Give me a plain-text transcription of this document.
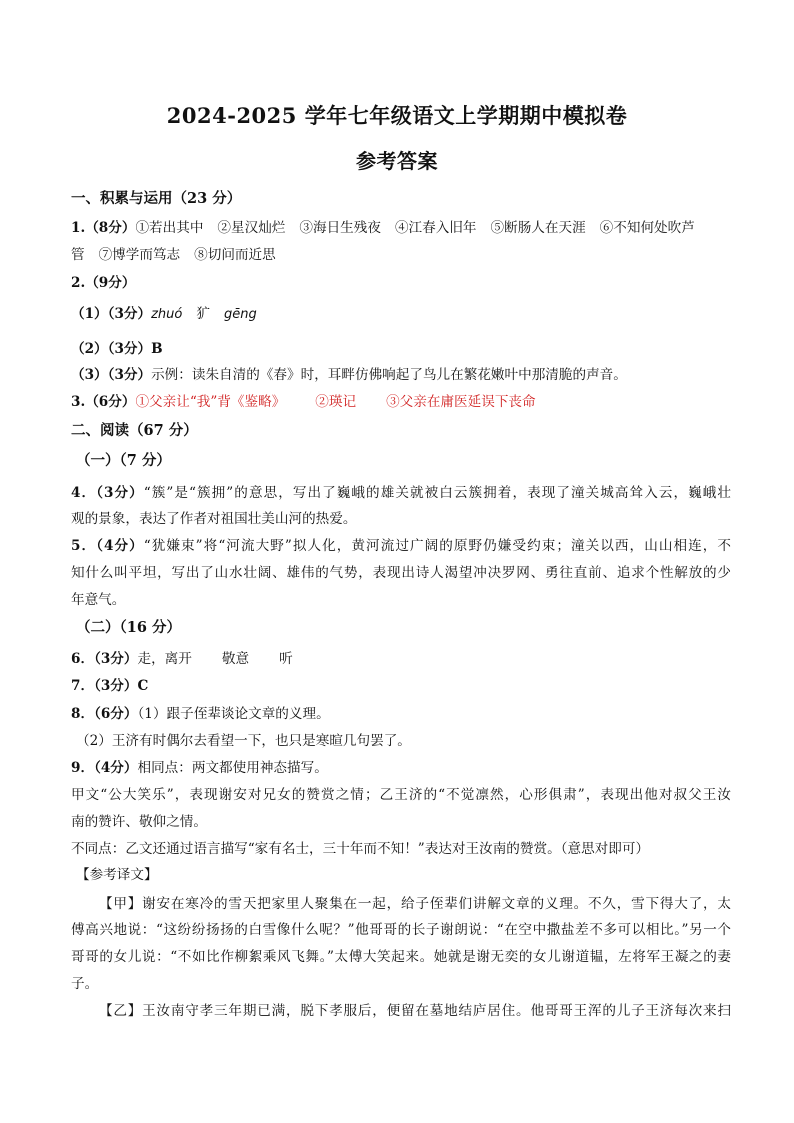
2024-2025 学年七年级语文上学期期中模拟卷
参考答案
一、积累与运用（23 分）
1.（8分）①若出其中 ②星汉灿烂 ③海日生残夜 ④江春入旧年 ⑤断肠人在天涯 ⑥不知何处吹芦
管 ⑦博学而笃志 ⑧切问而近思
2.（9分）
（1）（3分）zhuó 犷 gēng
（2）（3分）B
（3）（3分）示例：读朱自清的《春》时，耳畔仿佛响起了鸟儿在繁花嫩叶中那清脆的声音。
3.（6分）①父亲让“我”背《鉴略》 ②瑛记 ③父亲在庸医延误下丧命
二、阅读（67 分）
（一）（7 分）
4．（3分）“簇”是“簇拥”的意思，写出了巍峨的雄关就被白云簇拥着，表现了潼关城高耸入云，巍峨壮
观的景象，表达了作者对祖国壮美山河的热爱。
5．（4分）“犹嫌束”将“河流大野”拟人化，黄河流过广阔的原野仍嫌受约束；潼关以西，山山相连，不
知什么叫平坦，写出了山水壮阔、雄伟的气势，表现出诗人渴望冲决罗网、勇往直前、追求个性解放的少
年意气。
（二）（16 分）
6．（3分）走，离开 敬意 听
7．（3分）C
8．（6分）（1）跟子侄辈谈论文章的义理。
（2）王济有时偶尔去看望一下，也只是寒暄几句罢了。
9．（4分）相同点：两文都使用神态描写。
甲文“公大笑乐”，表现谢安对兄女的赞赏之情；乙王济的“不觉凛然，心形俱肃”，表现出他对叔父王汝
南的赞许、敬仰之情。
不同点：乙文还通过语言描写“家有名士，三十年而不知！”表达对王汝南的赞赏。（意思对即可）
【参考译文】
【甲】谢安在寒冷的雪天把家里人聚集在一起，给子侄辈们讲解文章的义理。不久，雪下得大了，太
傅高兴地说：“这纷纷扬扬的白雪像什么呢？”他哥哥的长子谢朗说：“在空中撒盐差不多可以相比。”另一个
哥哥的女儿说：“不如比作柳絮乘风飞舞。”太傅大笑起来。她就是谢无奕的女儿谢道韫，左将军王凝之的妻
子。
【乙】王汝南守孝三年期已满，脱下孝服后，便留在墓地结庐居住。他哥哥王浑的儿子王济每次来扫
